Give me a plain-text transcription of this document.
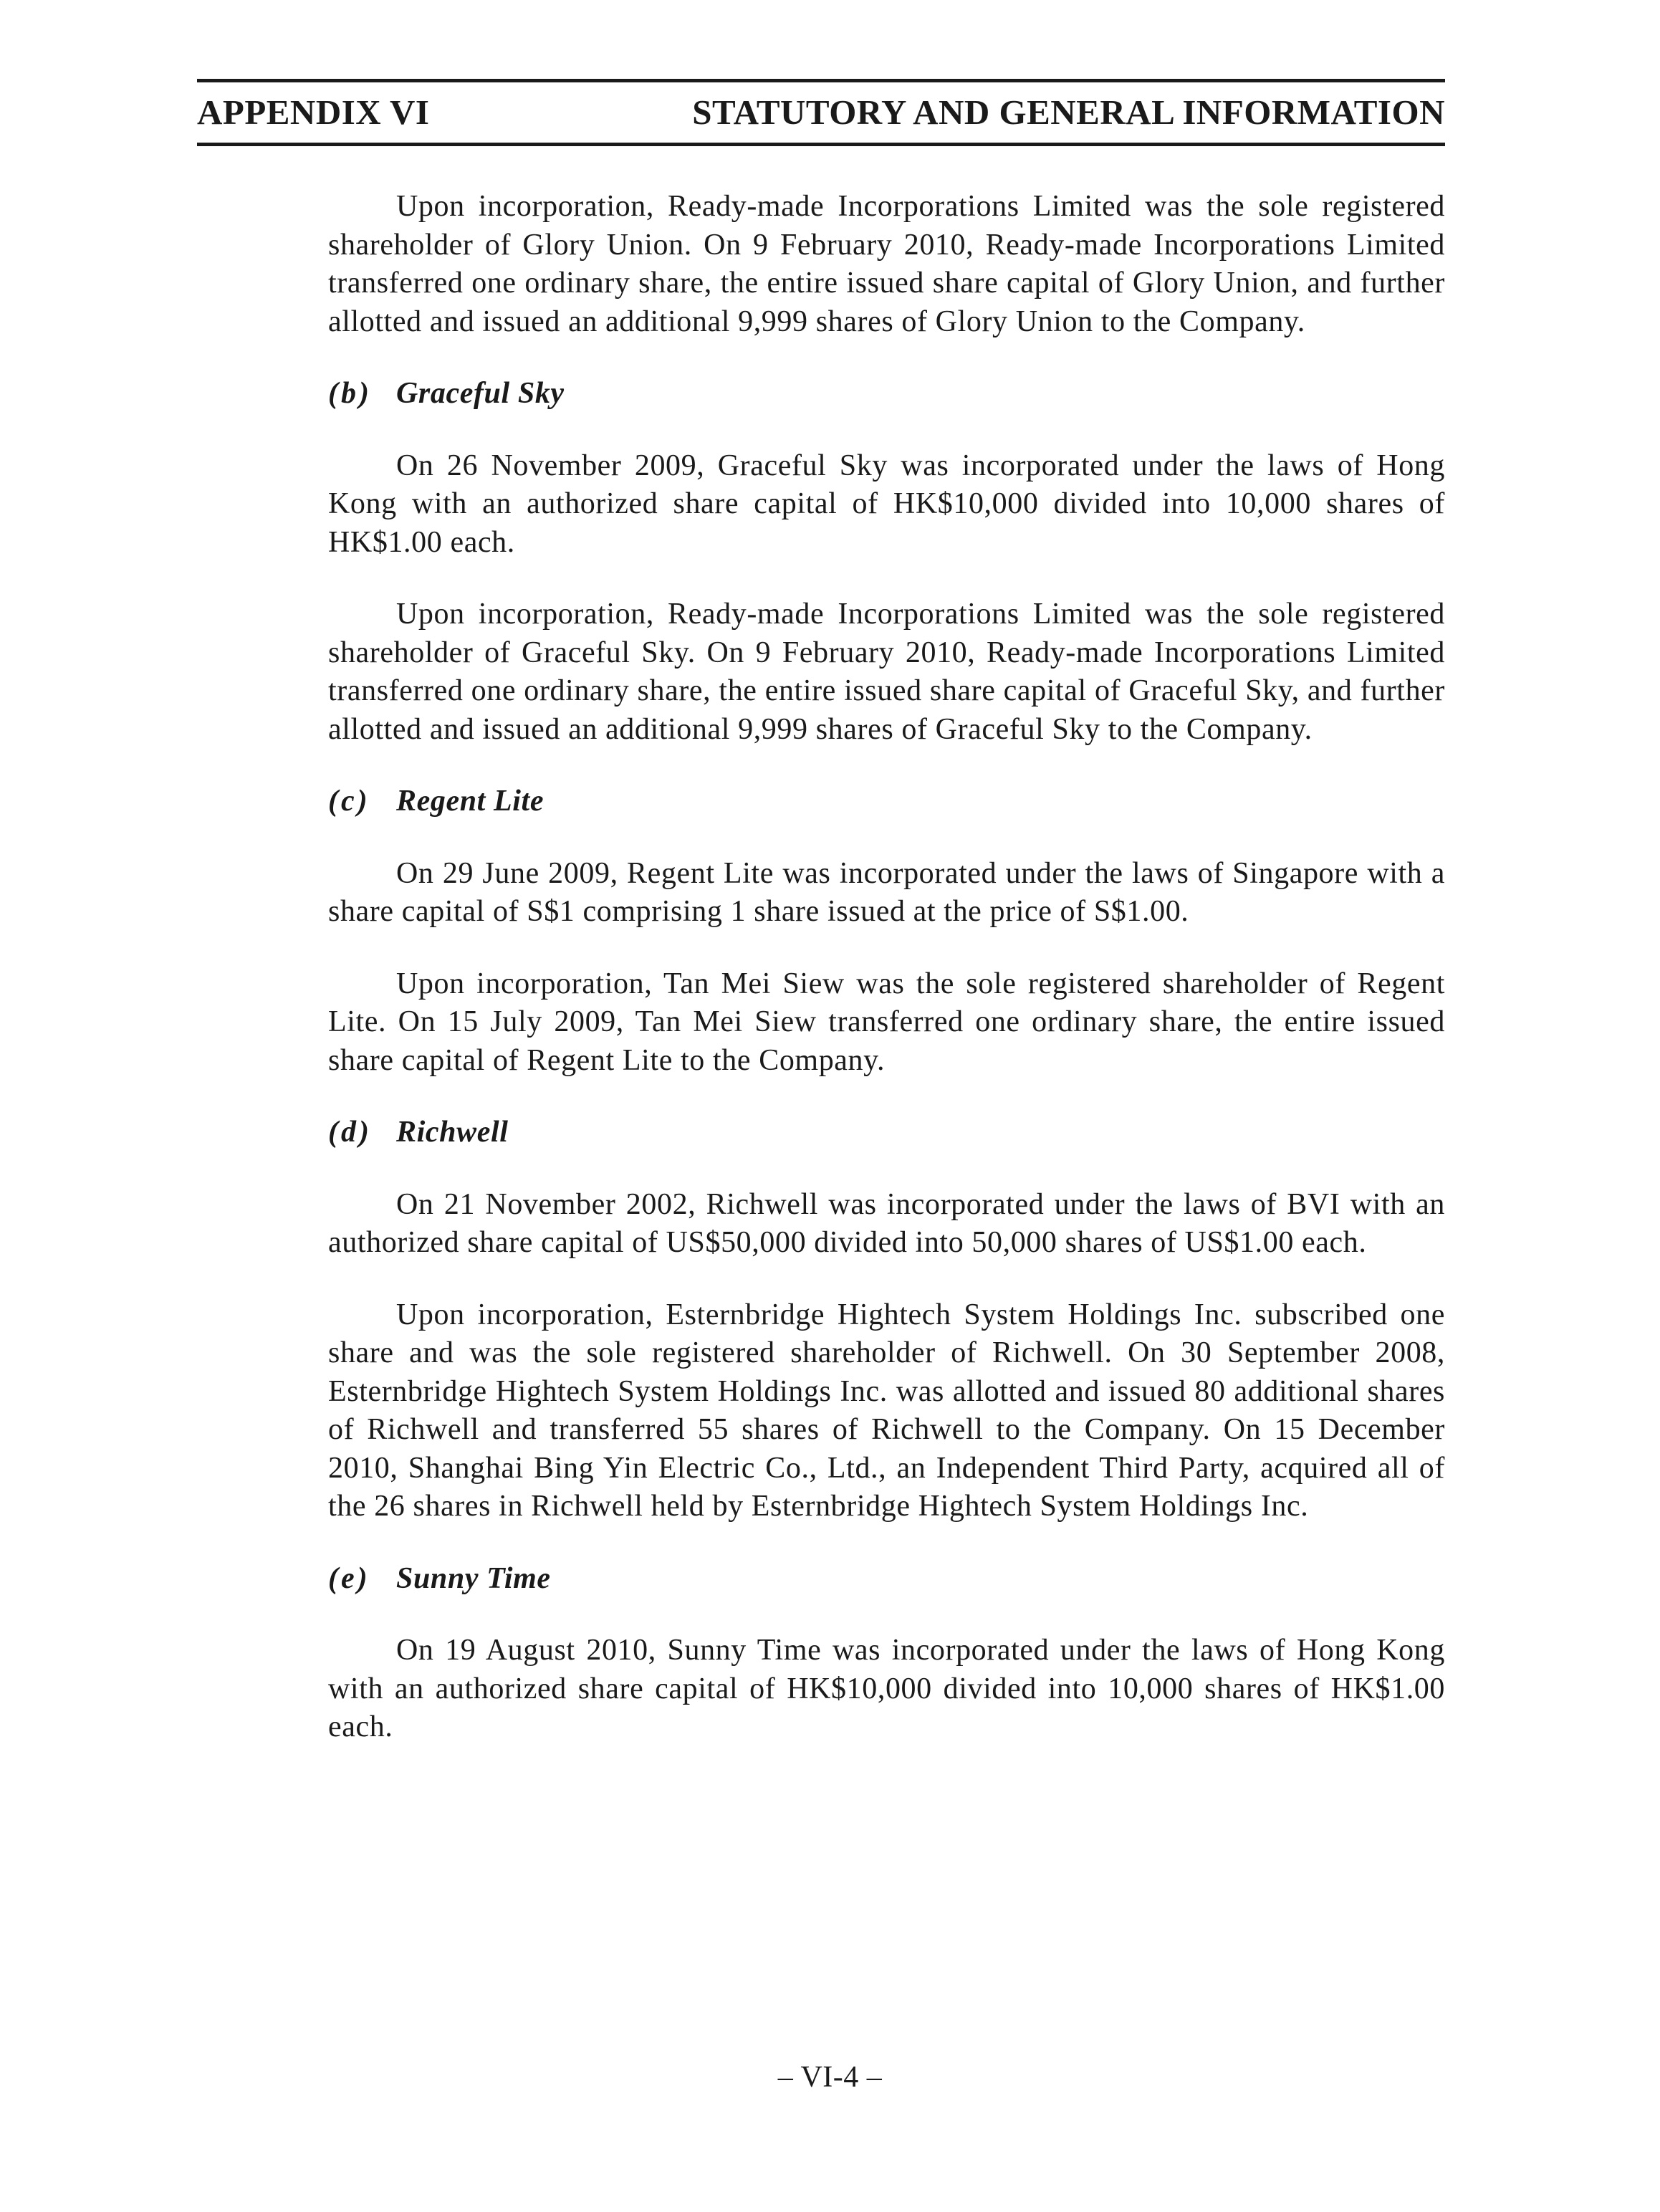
APPENDIX VI	STATUTORY AND GENERAL INFORMATION

Upon incorporation, Ready-made Incorporations Limited was the sole registered shareholder of Glory Union. On 9 February 2010, Ready-made Incorporations Limited transferred one ordinary share, the entire issued share capital of Glory Union, and further allotted and issued an additional 9,999 shares of Glory Union to the Company.

(b) Graceful Sky

On 26 November 2009, Graceful Sky was incorporated under the laws of Hong Kong with an authorized share capital of HK$10,000 divided into 10,000 shares of HK$1.00 each.

Upon incorporation, Ready-made Incorporations Limited was the sole registered shareholder of Graceful Sky. On 9 February 2010, Ready-made Incorporations Limited transferred one ordinary share, the entire issued share capital of Graceful Sky, and further allotted and issued an additional 9,999 shares of Graceful Sky to the Company.

(c) Regent Lite

On 29 June 2009, Regent Lite was incorporated under the laws of Singapore with a share capital of S$1 comprising 1 share issued at the price of S$1.00.

Upon incorporation, Tan Mei Siew was the sole registered shareholder of Regent Lite. On 15 July 2009, Tan Mei Siew transferred one ordinary share, the entire issued share capital of Regent Lite to the Company.

(d) Richwell

On 21 November 2002, Richwell was incorporated under the laws of BVI with an authorized share capital of US$50,000 divided into 50,000 shares of US$1.00 each.

Upon incorporation, Esternbridge Hightech System Holdings Inc. subscribed one share and was the sole registered shareholder of Richwell. On 30 September 2008, Esternbridge Hightech System Holdings Inc. was allotted and issued 80 additional shares of Richwell and transferred 55 shares of Richwell to the Company. On 15 December 2010, Shanghai Bing Yin Electric Co., Ltd., an Independent Third Party, acquired all of the 26 shares in Richwell held by Esternbridge Hightech System Holdings Inc.

(e) Sunny Time

On 19 August 2010, Sunny Time was incorporated under the laws of Hong Kong with an authorized share capital of HK$10,000 divided into 10,000 shares of HK$1.00 each.

– VI-4 –
